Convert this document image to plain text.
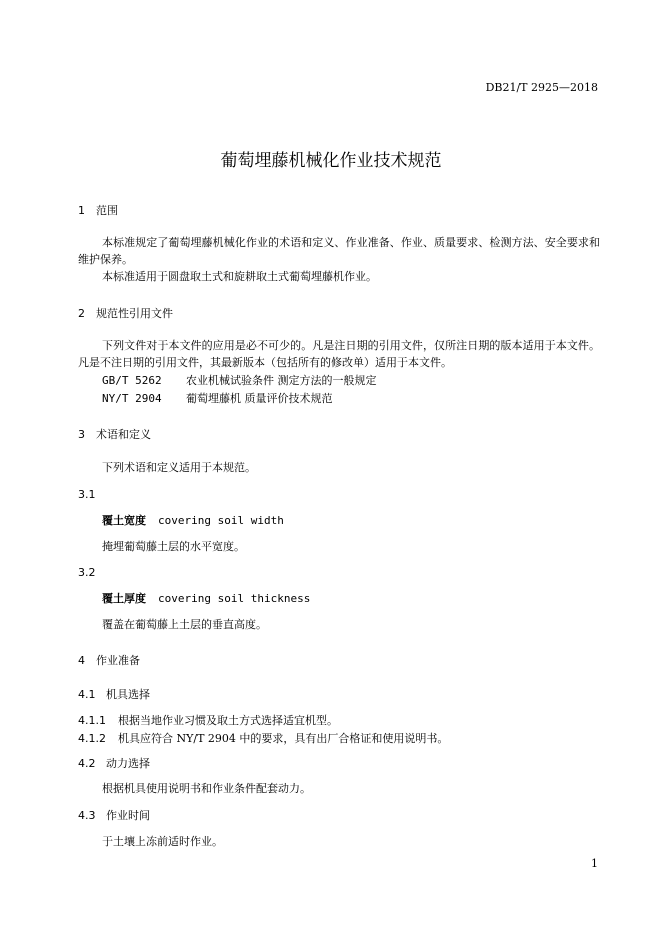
DB21/T 2925—2018
葡萄埋藤机械化作业技术规范
1 范围
本标准规定了葡萄埋藤机械化作业的术语和定义、作业准备、作业、质量要求、检测方法、安全要求和维护保养。
本标准适用于圆盘取土式和旋耕取土式葡萄埋藤机作业。
2 规范性引用文件
下列文件对于本文件的应用是必不可少的。凡是注日期的引用文件，仅所注日期的版本适用于本文件。凡是不注日期的引用文件，其最新版本（包括所有的修改单）适用于本文件。
GB/T 5262 农业机械试验条件 测定方法的一般规定
NY/T 2904 葡萄埋藤机 质量评价技术规范
3 术语和定义
下列术语和定义适用于本规范。
3.1
覆土宽度 covering soil width
掩埋葡萄藤土层的水平宽度。
3.2
覆土厚度 covering soil thickness
覆盖在葡萄藤上土层的垂直高度。
4 作业准备
4.1 机具选择
4.1.1 根据当地作业习惯及取土方式选择适宜机型。
4.1.2 机具应符合 NY/T 2904 中的要求，具有出厂合格证和使用说明书。
4.2 动力选择
根据机具使用说明书和作业条件配套动力。
4.3 作业时间
于土壤上冻前适时作业。
1
